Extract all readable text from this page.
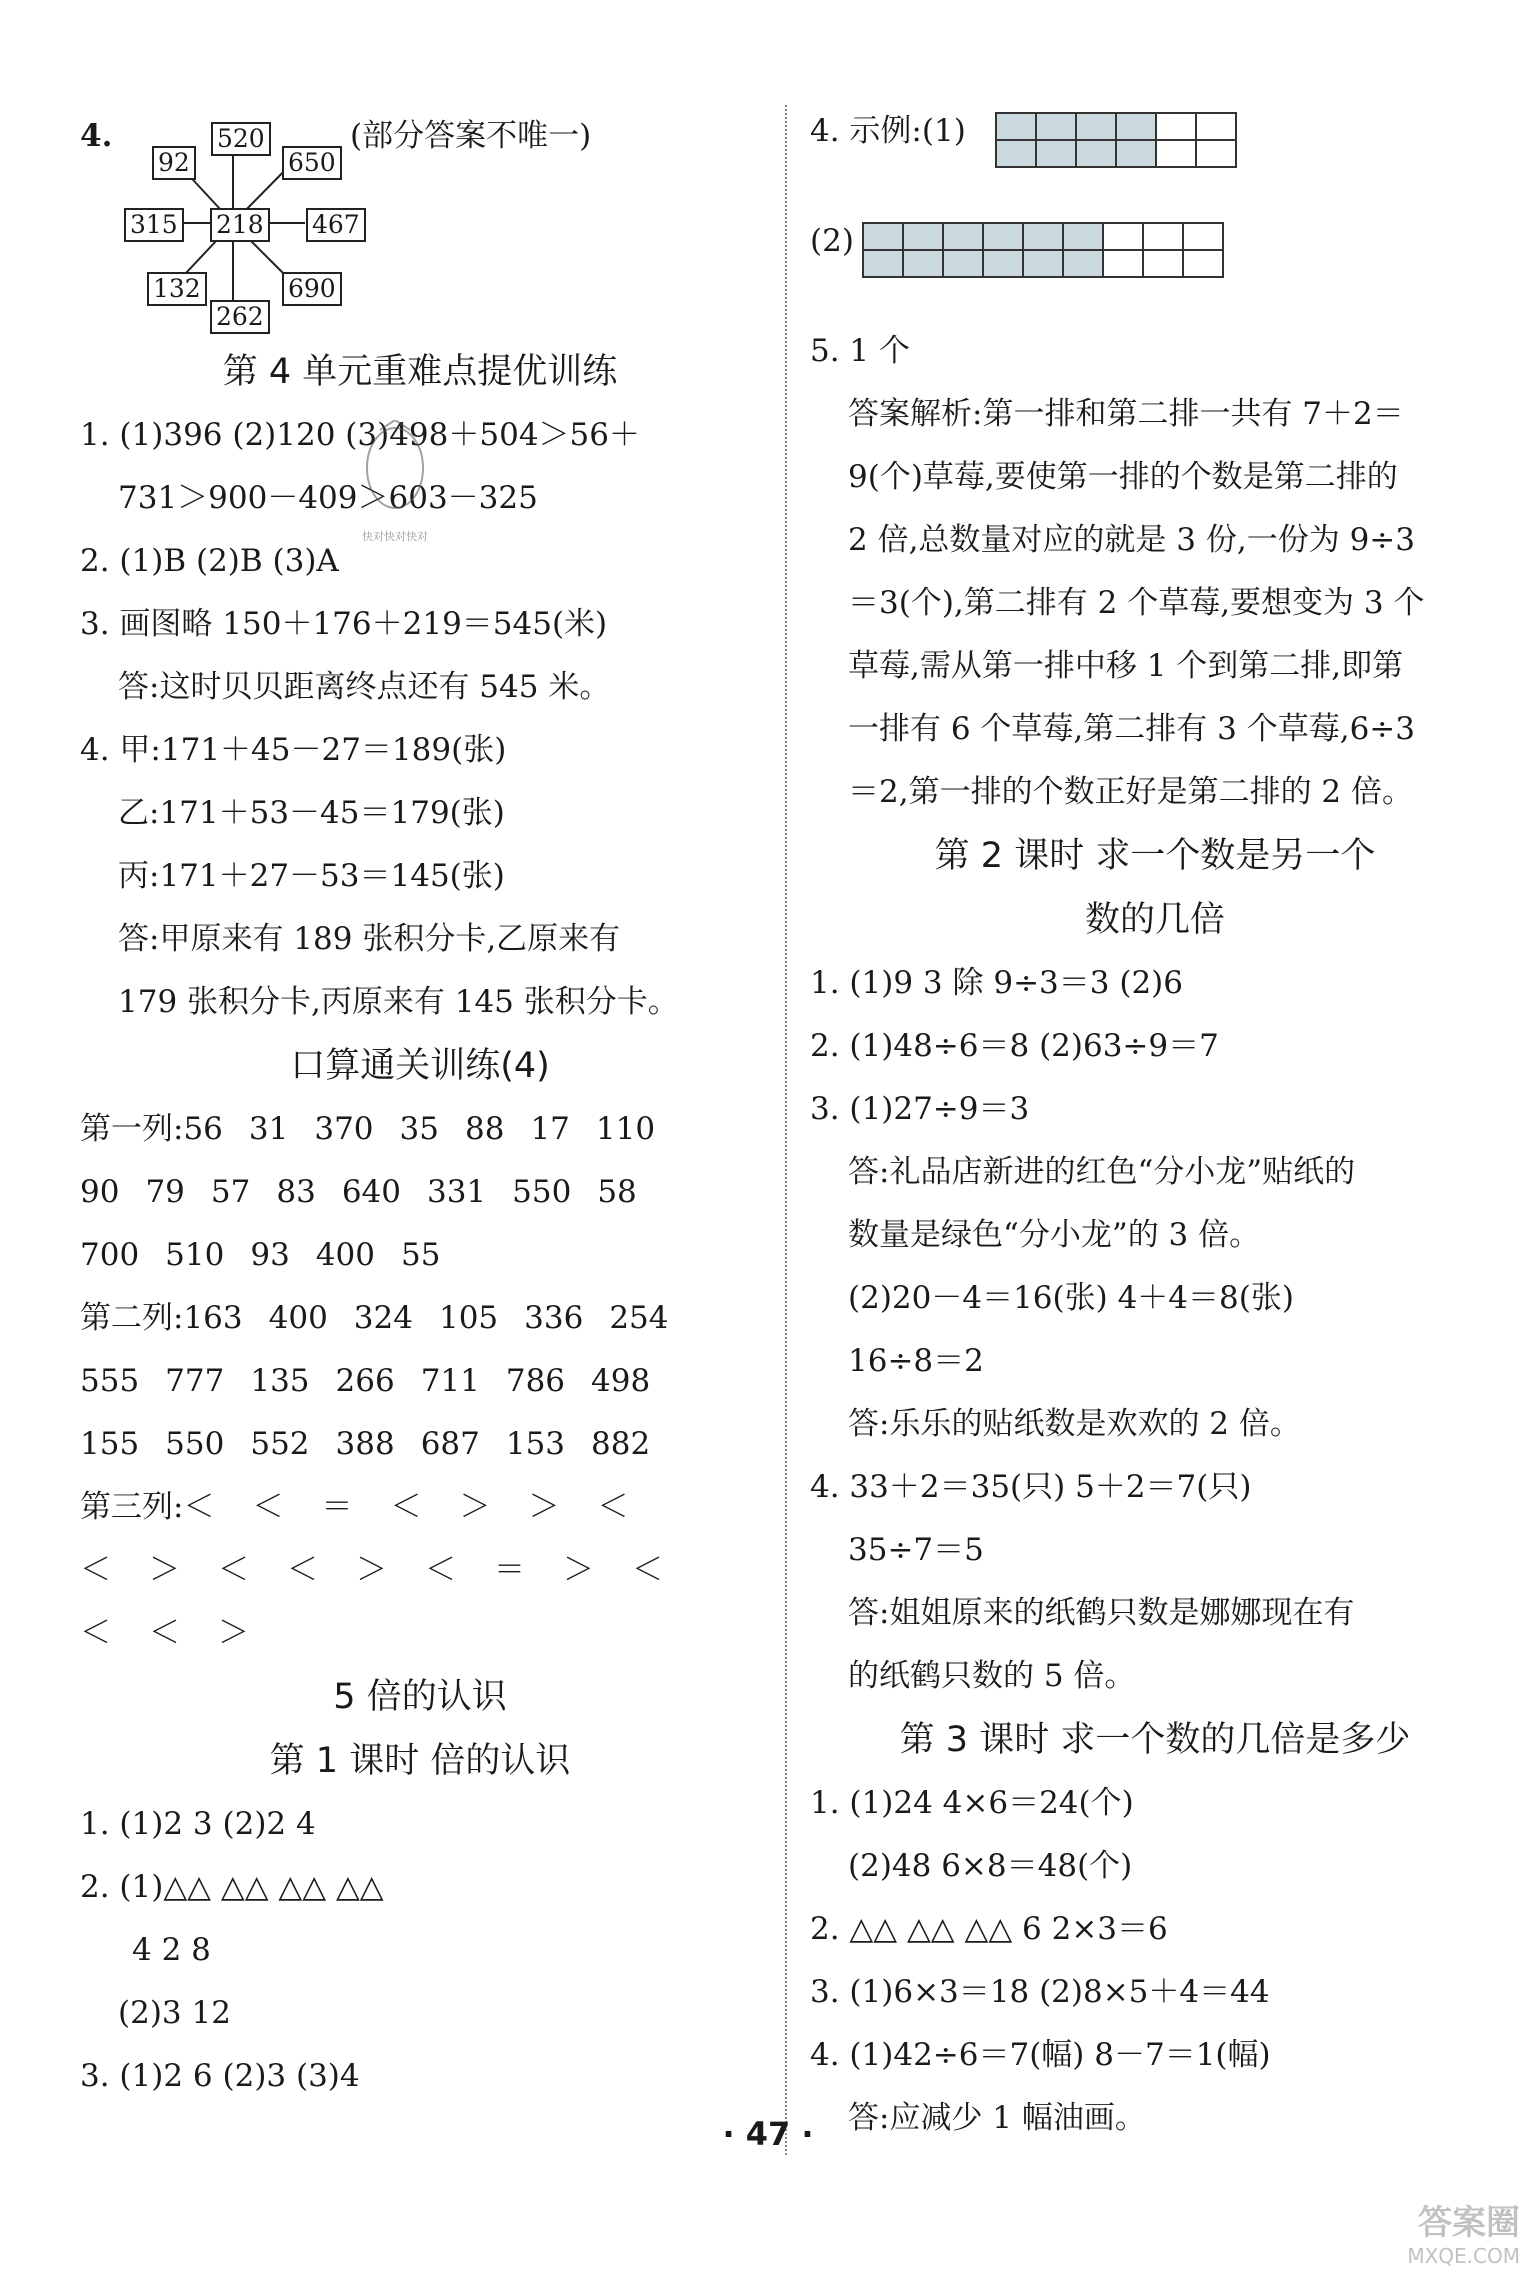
4.	(部分答案不唯一)
520
92	650
315 218 467
132
262
690
第 4 单元重难点提优训练
1. (1)396 (2)120 (3)498＋504＞56＋
731＞900－409＞603－325
2. (1)B (2)B (3)A
3. 画图略 150＋176＋219＝545(米)
答:这时贝贝距离终点还有 545 米。
4. 甲:171＋45－27＝189(张)
乙:171＋53－45＝179(张)
丙:171＋27－53＝145(张)
答:甲原来有 189 张积分卡,乙原来有
179 张积分卡,丙原来有 145 张积分卡。
口算通关训练(4)
第一列:56 31 370 35 88 17 110
90 79 57 83 640 331 550 58
700 510 93 400 55
第二列:163 400 324 105 336 254
555 777 135 266 711 786 498
155 550 552 388 687 153 882
第三列:＜ ＜ ＝ ＜ ＞ ＞ ＜
＜ ＞ ＜ ＜ ＞ ＜ ＝ ＞ ＜
＜ ＜ ＞
5 倍的认识
第 1 课时 倍的认识
1. (1)2 3 (2)2 4
2. (1)△△ △△ △△ △△
4 2 8
(2)3 12
3. (1)2 6 (2)3 (3)4
4. 示例:(1)

(2)

5. 1 个
答案解析:第一排和第二排一共有 7＋2＝
9(个)草莓,要使第一排的个数是第二排的
2 倍,总数量对应的就是 3 份,一份为 9÷3
＝3(个),第二排有 2 个草莓,要想变为 3 个
草莓,需从第一排中移 1 个到第二排,即第
一排有 6 个草莓,第二排有 3 个草莓,6÷3
＝2,第一排的个数正好是第二排的 2 倍。
第 2 课时 求一个数是另一个
数的几倍
1. (1)9 3 除 9÷3＝3 (2)6
2. (1)48÷6＝8 (2)63÷9＝7
3. (1)27÷9＝3
答:礼品店新进的红色“分小龙”贴纸的
数量是绿色“分小龙”的 3 倍。
(2)20－4＝16(张) 4＋4＝8(张)
16÷8＝2
答:乐乐的贴纸数是欢欢的 2 倍。
4. 33＋2＝35(只) 5＋2＝7(只)
35÷7＝5
答:姐姐原来的纸鹤只数是娜娜现在有
的纸鹤只数的 5 倍。
第 3 课时 求一个数的几倍是多少
1. (1)24 4×6＝24(个)
(2)48 6×8＝48(个)
2. △△ △△ △△ 6 2×3＝6
3. (1)6×3＝18 (2)8×5＋4＝44
4. (1)42÷6＝7(幅) 8－7＝1(幅)
答:应减少 1 幅油画。
快对快对快对
· 47 ·
答案圈
MXQE.COM
